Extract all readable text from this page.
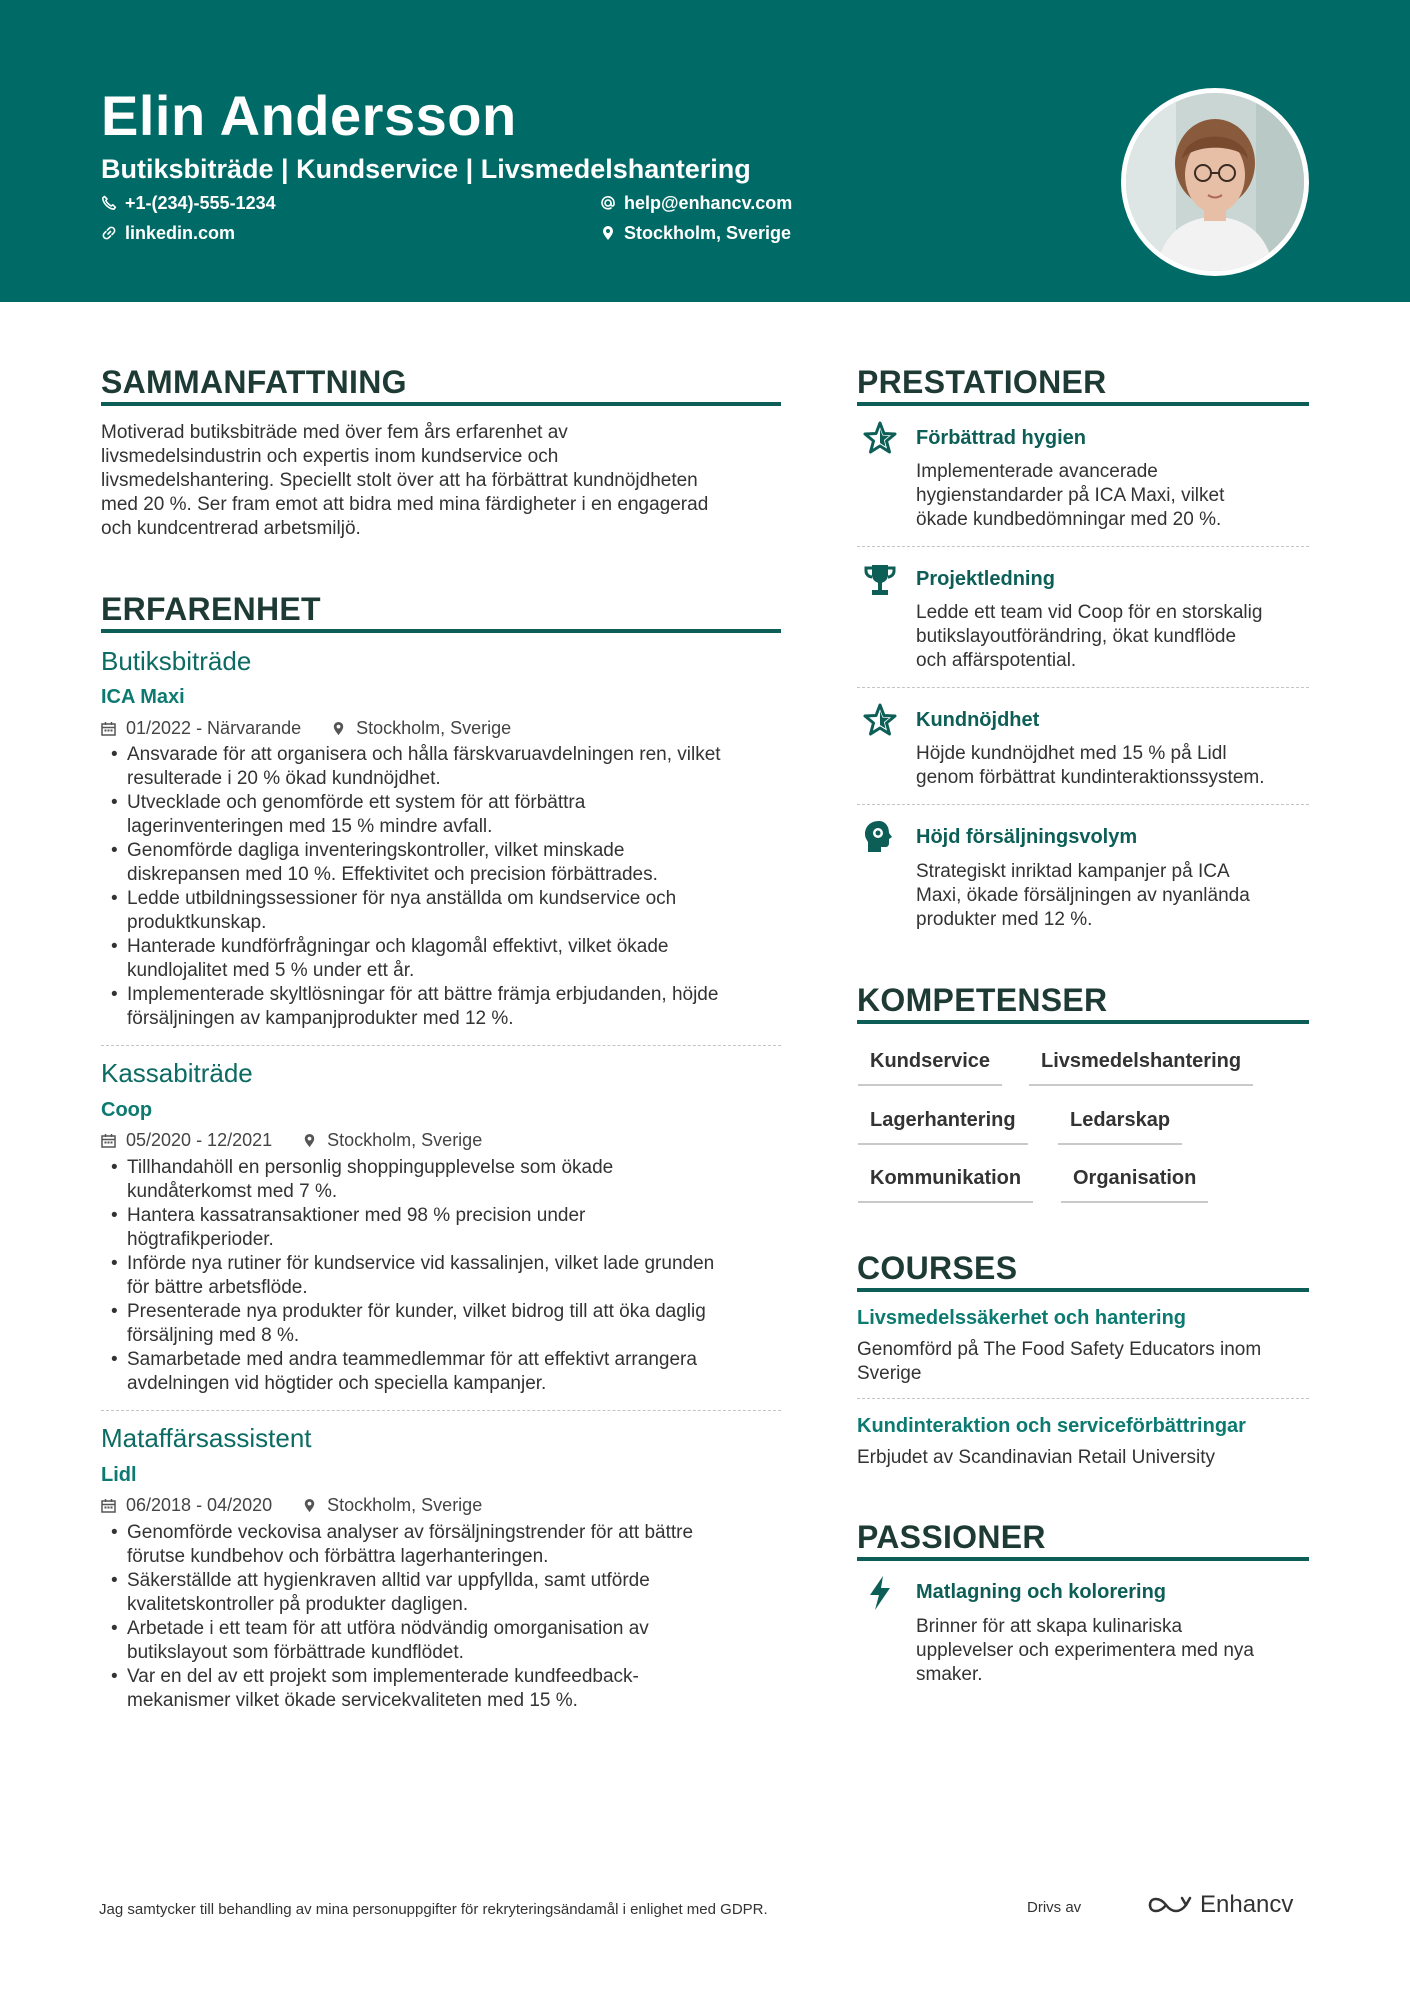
Elin Andersson
Butiksbiträde | Kundservice | Livsmedelshantering
+1-(234)-555-1234	help@enhancv.com
linkedin.com	Stockholm, Sverige
SAMMANFATTNING
Motiverad butiksbiträde med över fem års erfarenhet av
livsmedelsindustrin och expertis inom kundservice och
livsmedelshantering. Speciellt stolt över att ha förbättrat kundnöjdheten
med 20 %. Ser fram emot att bidra med mina färdigheter i en engagerad
och kundcentrerad arbetsmiljö.
ERFARENHET
Butiksbiträde
ICA Maxi
01/2022 - Närvarande	Stockholm, Sverige
• Ansvarade för att organisera och hålla färskvaruavdelningen ren, vilket
resulterade i 20 % ökad kundnöjdhet.
• Utvecklade och genomförde ett system för att förbättra
lagerinventeringen med 15 % mindre avfall.
• Genomförde dagliga inventeringskontroller, vilket minskade
diskrepansen med 10 %. Effektivitet och precision förbättrades.
• Ledde utbildningssessioner för nya anställda om kundservice och
produktkunskap.
• Hanterade kundförfrågningar och klagomål effektivt, vilket ökade
kundlojalitet med 5 % under ett år.
• Implementerade skyltlösningar för att bättre främja erbjudanden, höjde
försäljningen av kampanjprodukter med 12 %.
Kassabiträde
Coop
05/2020 - 12/2021	Stockholm, Sverige
• Tillhandahöll en personlig shoppingupplevelse som ökade
kundåterkomst med 7 %.
• Hantera kassatransaktioner med 98 % precision under
högtrafikperioder.
• Införde nya rutiner för kundservice vid kassalinjen, vilket lade grunden
för bättre arbetsflöde.
• Presenterade nya produkter för kunder, vilket bidrog till att öka daglig
försäljning med 8 %.
• Samarbetade med andra teammedlemmar för att effektivt arrangera
avdelningen vid högtider och speciella kampanjer.
Mataffärsassistent
Lidl
06/2018 - 04/2020	Stockholm, Sverige
• Genomförde veckovisa analyser av försäljningstrender för att bättre
förutse kundbehov och förbättra lagerhanteringen.
• Säkerställde att hygienkraven alltid var uppfyllda, samt utförde
kvalitetskontroller på produkter dagligen.
• Arbetade i ett team för att utföra nödvändig omorganisation av
butikslayout som förbättrade kundflödet.
• Var en del av ett projekt som implementerade kundfeedback-
mekanismer vilket ökade servicekvaliteten med 15 %.
PRESTATIONER
Förbättrad hygien
Implementerade avancerade
hygienstandarder på ICA Maxi, vilket
ökade kundbedömningar med 20 %.
Projektledning
Ledde ett team vid Coop för en storskalig
butikslayoutförändring, ökat kundflöde
och affärspotential.
Kundnöjdhet
Höjde kundnöjdhet med 15 % på Lidl
genom förbättrat kundinteraktionssystem.
Höjd försäljningsvolym
Strategiskt inriktad kampanjer på ICA
Maxi, ökade försäljningen av nyanlända
produkter med 12 %.
KOMPETENSER
Kundservice	Livsmedelshantering
Lagerhantering	Ledarskap
Kommunikation	Organisation
COURSES
Livsmedelssäkerhet och hantering
Genomförd på The Food Safety Educators inom
Sverige
Kundinteraktion och serviceförbättringar
Erbjudet av Scandinavian Retail University
PASSIONER
Matlagning och kolorering
Brinner för att skapa kulinariska
upplevelser och experimentera med nya
smaker.
Jag samtycker till behandling av mina personuppgifter för rekryteringsändamål i enlighet med GDPR.	Drivs av	Enhancv
